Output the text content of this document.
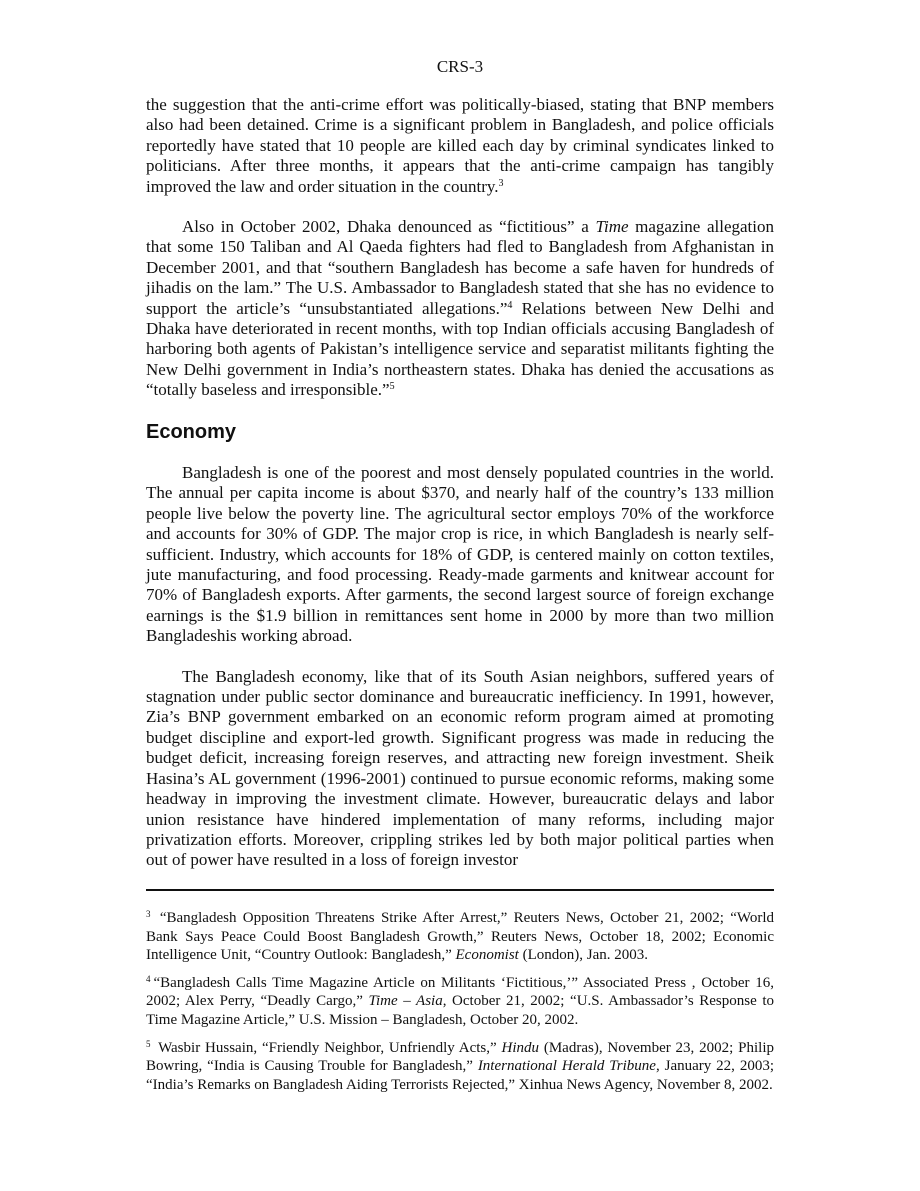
CRS-3

the suggestion that the anti-crime effort was politically-biased, stating that BNP members also had been detained. Crime is a significant problem in Bangladesh, and police officials reportedly have stated that 10 people are killed each day by criminal syndicates linked to politicians. After three months, it appears that the anti-crime campaign has tangibly improved the law and order situation in the country.$^3$

Also in October 2002, Dhaka denounced as “fictitious” a Time magazine allegation that some 150 Taliban and Al Qaeda fighters had fled to Bangladesh from Afghanistan in December 2001, and that “southern Bangladesh has become a safe haven for hundreds of jihadis on the lam.” The U.S. Ambassador to Bangladesh stated that she has no evidence to support the article’s “unsubstantiated allegations.”$^4$ Relations between New Delhi and Dhaka have deteriorated in recent months, with top Indian officials accusing Bangladesh of harboring both agents of Pakistan’s intelligence service and separatist militants fighting the New Delhi government in India’s northeastern states. Dhaka has denied the accusations as “totally baseless and irresponsible.”$^5$

Economy

Bangladesh is one of the poorest and most densely populated countries in the world. The annual per capita income is about $370, and nearly half of the country’s 133 million people live below the poverty line. The agricultural sector employs 70% of the workforce and accounts for 30% of GDP. The major crop is rice, in which Bangladesh is nearly self-sufficient. Industry, which accounts for 18% of GDP, is centered mainly on cotton textiles, jute manufacturing, and food processing. Ready-made garments and knitwear account for 70% of Bangladesh exports. After garments, the second largest source of foreign exchange earnings is the $1.9 billion in remittances sent home in 2000 by more than two million Bangladeshis working abroad.

The Bangladesh economy, like that of its South Asian neighbors, suffered years of stagnation under public sector dominance and bureaucratic inefficiency. In 1991, however, Zia’s BNP government embarked on an economic reform program aimed at promoting budget discipline and export-led growth. Significant progress was made in reducing the budget deficit, increasing foreign reserves, and attracting new foreign investment. Sheik Hasina’s AL government (1996-2001) continued to pursue economic reforms, making some headway in improving the investment climate. However, bureaucratic delays and labor union resistance have hindered implementation of many reforms, including major privatization efforts. Moreover, crippling strikes led by both major political parties when out of power have resulted in a loss of foreign investor

$^3$ “Bangladesh Opposition Threatens Strike After Arrest,” Reuters News, October 21, 2002; “World Bank Says Peace Could Boost Bangladesh Growth,” Reuters News, October 18, 2002; Economic Intelligence Unit, “Country Outlook: Bangladesh,” Economist (London), Jan. 2003.

$^4$ “Bangladesh Calls Time Magazine Article on Militants ‘Fictitious,’” Associated Press , October 16, 2002; Alex Perry, “Deadly Cargo,” Time – Asia, October 21, 2002; “U.S. Ambassador’s Response to Time Magazine Article,” U.S. Mission – Bangladesh, October 20, 2002.

$^5$ Wasbir Hussain, “Friendly Neighbor, Unfriendly Acts,” Hindu (Madras), November 23, 2002; Philip Bowring, “India is Causing Trouble for Bangladesh,” International Herald Tribune, January 22, 2003; “India’s Remarks on Bangladesh Aiding Terrorists Rejected,” Xinhua News Agency, November 8, 2002.
